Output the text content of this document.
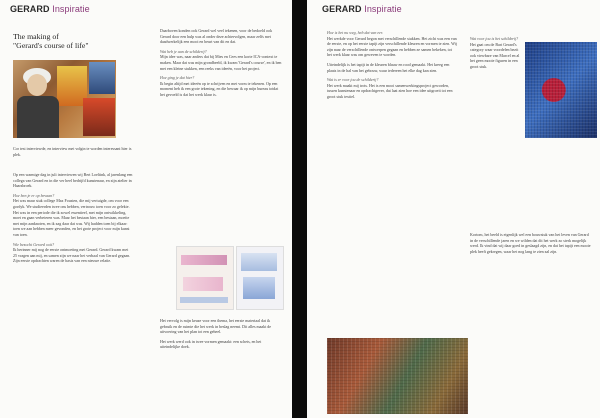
GERARD Inspiratie
The making of
"Gerard's course of life"

Cor test interviewde, en interview met volgin te worden interessant hier is plek.

Op een warmige dag in juli interviewen wij Bert Loeltink, al jarenlang een collega van Gerard en in die ver heel bedrijfd kunstenaar, en zijn atelier in Haarsbroek.

Hoe ben je er op bevaan?

Het was maar stuk college Max Fousten, die mij vertuigde, om voor een gordyk. We studieerden twee ons hebben, vertrouw toen voor zo gelekte. Het was in een periode die ik zowel essentieel, met mijn ontwikkeling, moet en gaan verbeteren was. Maar het bestaan hier, een bestaan, moeite met mijn aanknoten, en ik zag daar dat was. Wij hadden toen bij elkaar: toen we aan hebben meer gevonden, en het grote project voor mijn kunst van toen.

Wie bezocht Gerard ooit?

Ik herinner mij nog de eerste ontmoeting met Gerard. Gerard kwam met 25 vragen aan mij, en samen zijn we naar het verhaal van Gerard gegaan. Zijn eerste opdrachten waren de basis van een nieuwe relatie.

Daarboven konden ook Gerard wel veel tekenen, voor de bedoeld ook Gerard door een hulp was al onder deze achtervolgen, maar zelfs met daadwerkelijk een mooi en beurt van dit en dat.

Wat heb je aan de schilderij?

Mijn idee was, naar anders dat bij Mies en Cees een korte ICA-context te maken. Maar dat was mijn grondbeeld, ik kwam 'Gerard's course', en ik ben met een kleine stukken, een reeks van ideeën, voor het project.

Hoe ging je dat hier?

Ik begin altijd met ideeën op te schrijven en met vorm te tekenen. Op een moment heb ik een grote tekening, en die bewaar ik op mijn bureau totdat het gevoeld is dat het werk klaar is.

Het vervolg is mijn keuze voor een thema, het eerste materiaal dat ik gebruik en de ruimte die het werk in beslag neemt. Dit alles maakt de uitvoering van het plan tot een geheel.

Het werk werd ook in twee vormen gemaakt: een schets, en het uiteindelijke doek.

GERARD Inspiratie
Hoe is het nu weg, heb dat van eer.

Het werkde voor Gerard begon met verschillende stukken. Het zicht was een van de eerste, en op het eerste tapijt zijn verschillende kleuren en vormen te zien. Wij zijn naar de verschillende ontwerpen gegaan en hebben ze samen bekeken, tot het werk klaar was om geweven te worden.

Uiteindelijk is het tapijt in de kleuren blauw en rood gemaakt. Het kreeg een plaats in de hal van het gebouw, waar iedereen het elke dag kan zien.

Wat is er voor jou de schilderij?

Het werk maakt mij trots. Het is een mooi samenwerkingsproject geworden, tussen kunstenaar en opdrachtgever, dat laat zien hoe een idee uitgroeit tot een groot stuk textiel.

Wat voor jou is het schilderij?

Het gaat om de Bart Gerard's category waar voordelen bezit ook viewbare van Marcel en al het geen mooie figuren in een groot stuk.

Kortom, het beeld is eigenlijk wel een bouwstuk van het leven van Gerard in de verschillende jaren en we wilden dat dit het werk zo sterk mogelijk werd. Ik vind dat wij daar goed in geslaagd zijn, en dat het tapijt een mooie plek heeft gekregen, waar het nog lang te zien zal zijn.
